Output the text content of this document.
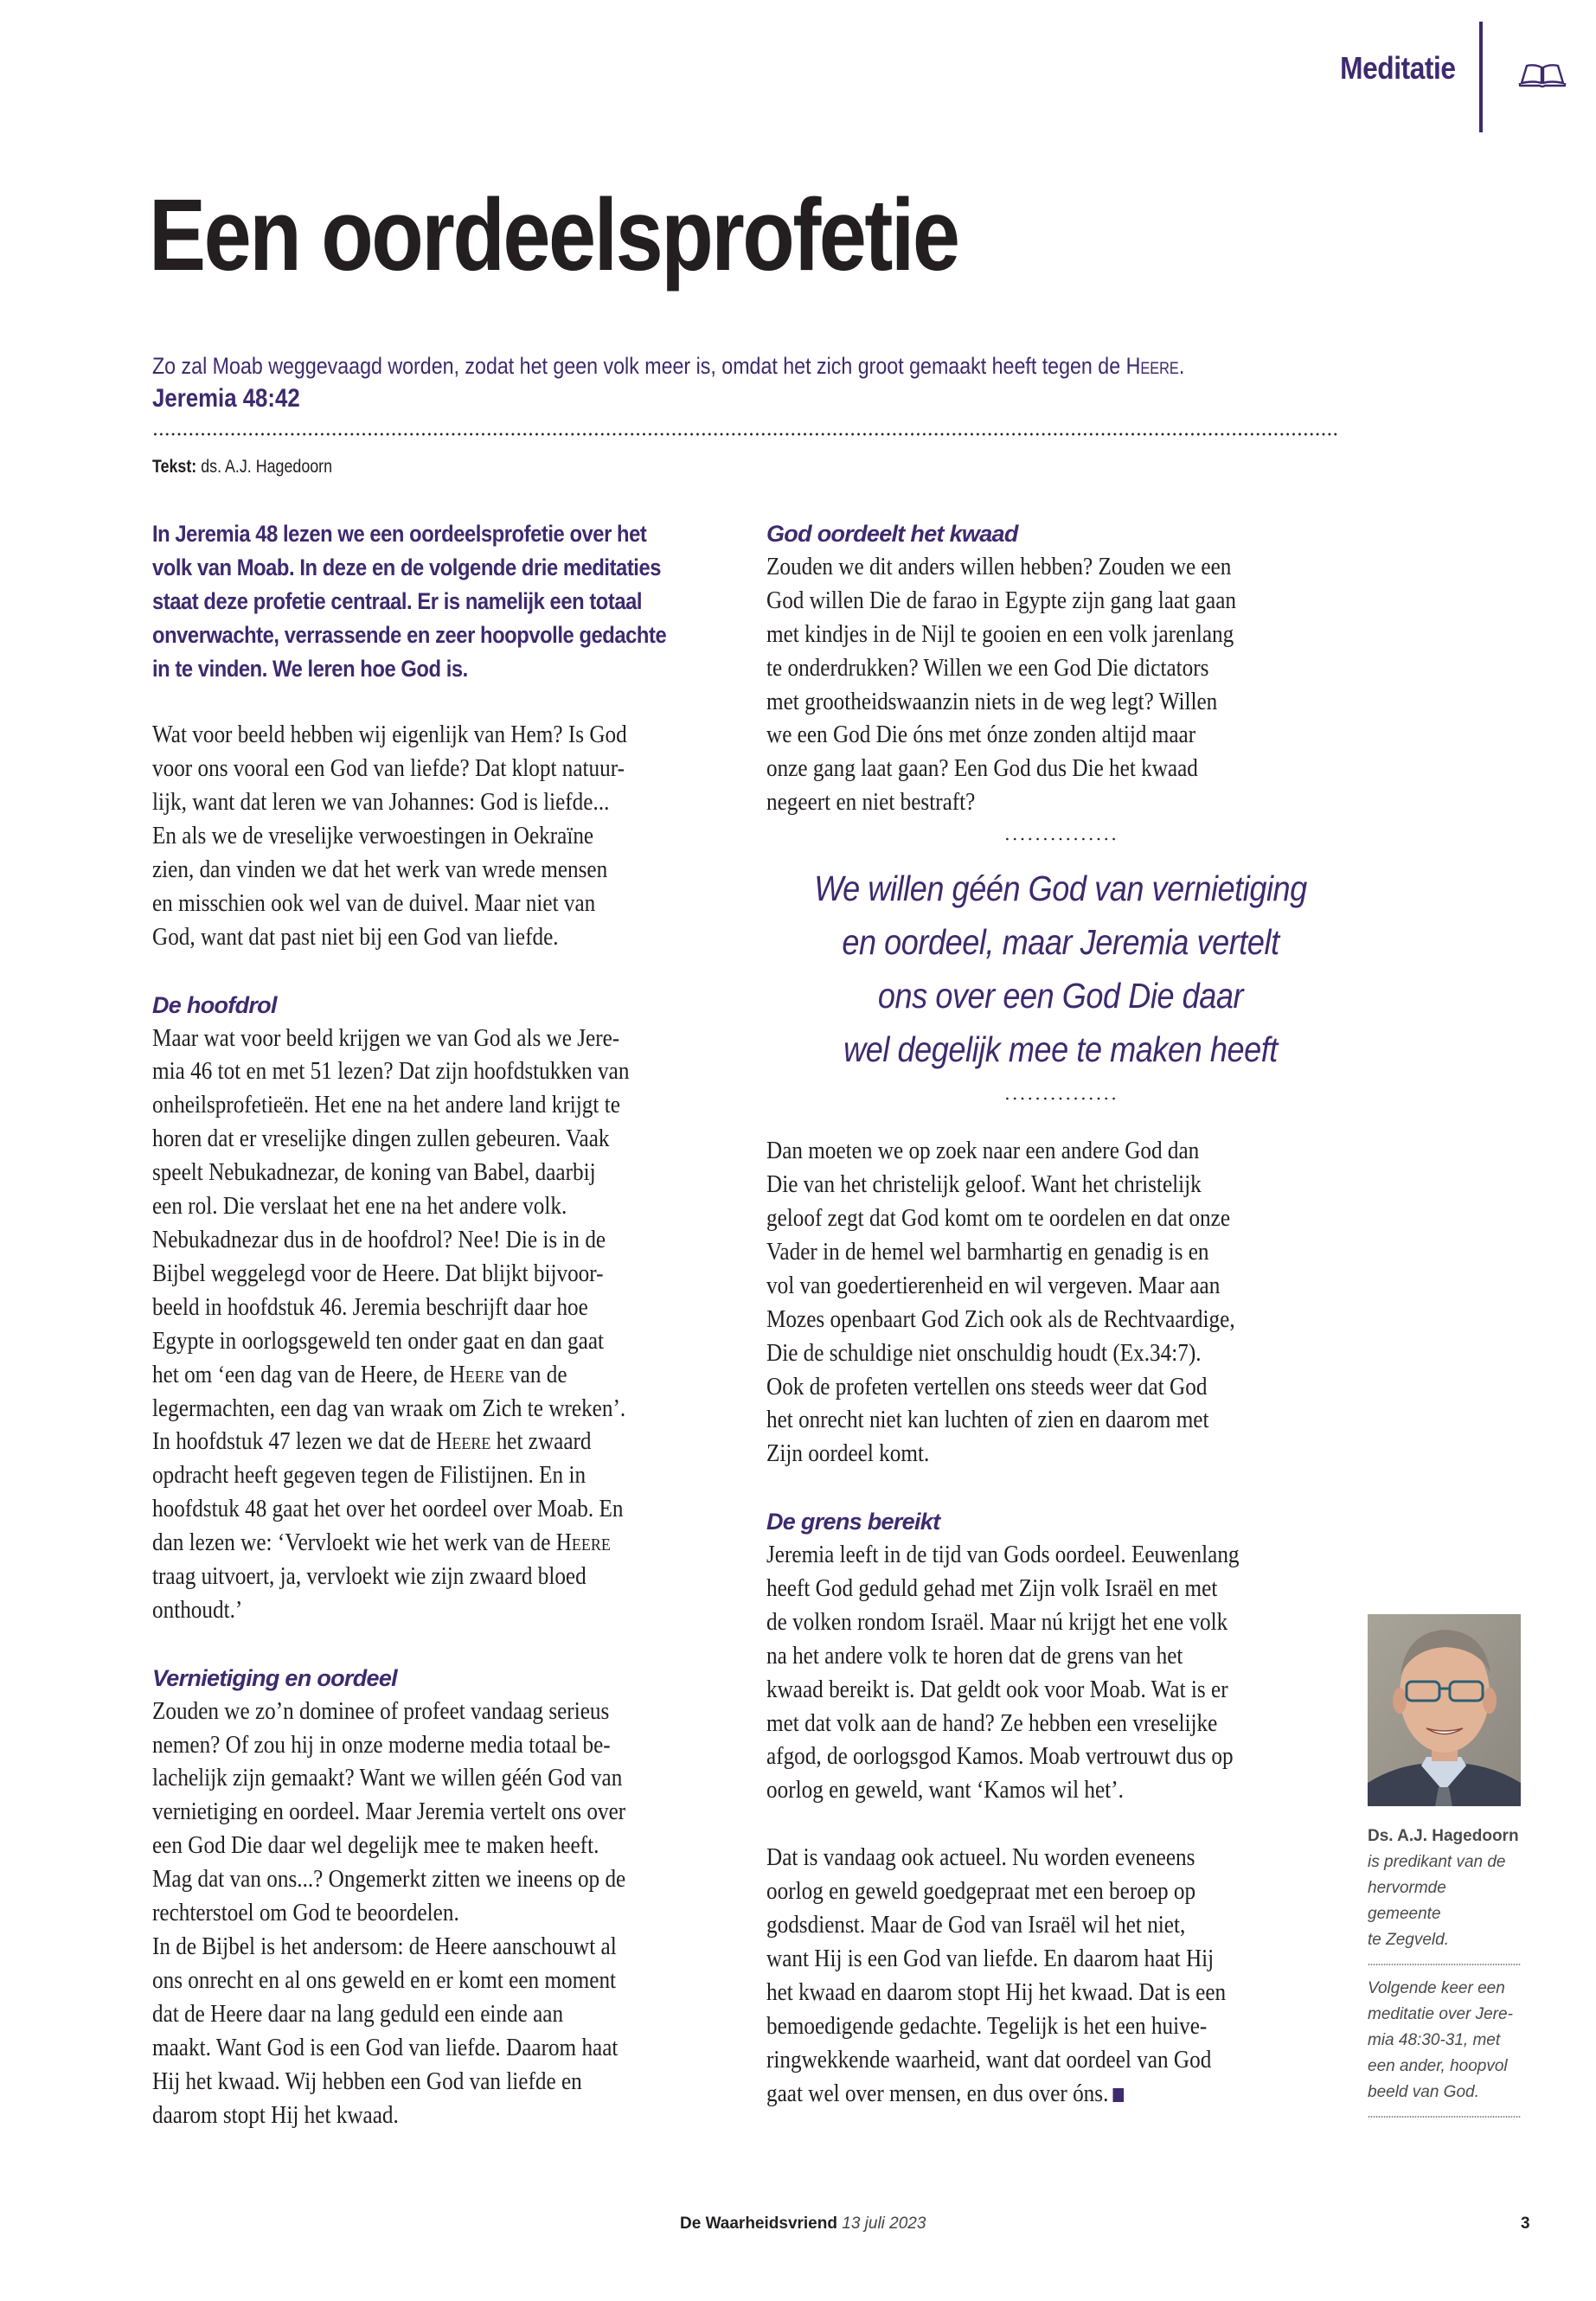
Meditatie
Een oordeelsprofetie
Zo zal Moab weggevaagd worden, zodat het geen volk meer is, omdat het zich groot gemaakt heeft tegen de Heere.
Jeremia 48:42
Tekst: ds. A.J. Hagedoorn
In Jeremia 48 lezen we een oordeelsprofetie over het
volk van Moab. In deze en de volgende drie meditaties
staat deze profetie centraal. Er is namelijk een totaal
onverwachte, verrassende en zeer hoopvolle gedachte
in te vinden. We leren hoe God is.

Wat voor beeld hebben wij eigenlijk van Hem? Is God
voor ons vooral een God van liefde? Dat klopt natuur-
lijk, want dat leren we van Johannes: God is liefde...
En als we de vreselijke verwoestingen in Oekraïne
zien, dan vinden we dat het werk van wrede mensen
en misschien ook wel van de duivel. Maar niet van
God, want dat past niet bij een God van liefde.

De hoofdrol

Maar wat voor beeld krijgen we van God als we Jere-
mia 46 tot en met 51 lezen? Dat zijn hoofdstukken van
onheilsprofetieën. Het ene na het andere land krijgt te
horen dat er vreselijke dingen zullen gebeuren. Vaak
speelt Nebukadnezar, de koning van Babel, daarbij
een rol. Die verslaat het ene na het andere volk.
Nebukadnezar dus in de hoofdrol? Nee! Die is in de
Bijbel weggelegd voor de Heere. Dat blijkt bijvoor-
beeld in hoofdstuk 46. Jeremia beschrijft daar hoe
Egypte in oorlogsgeweld ten onder gaat en dan gaat
het om ‘een dag van de Heere, de Heere van de
legermachten, een dag van wraak om Zich te wreken’.
In hoofdstuk 47 lezen we dat de Heere het zwaard
opdracht heeft gegeven tegen de Filistijnen. En in
hoofdstuk 48 gaat het over het oordeel over Moab. En
dan lezen we: ‘Vervloekt wie het werk van de Heere
traag uitvoert, ja, vervloekt wie zijn zwaard bloed
onthoudt.’

Vernietiging en oordeel

Zouden we zo’n dominee of profeet vandaag serieus
nemen? Of zou hij in onze moderne media totaal be-
lachelijk zijn gemaakt? Want we willen géén God van
vernietiging en oordeel. Maar Jeremia vertelt ons over
een God Die daar wel degelijk mee te maken heeft.
Mag dat van ons...? Ongemerkt zitten we ineens op de
rechterstoel om God te beoordelen.
In de Bijbel is het andersom: de Heere aanschouwt al
ons onrecht en al ons geweld en er komt een moment
dat de Heere daar na lang geduld een einde aan
maakt. Want God is een God van liefde. Daarom haat
Hij het kwaad. Wij hebben een God van liefde en
daarom stopt Hij het kwaad.

God oordeelt het kwaad

Zouden we dit anders willen hebben? Zouden we een
God willen Die de farao in Egypte zijn gang laat gaan
met kindjes in de Nijl te gooien en een volk jarenlang
te onderdrukken? Willen we een God Die dictators
met grootheidswaanzin niets in de weg legt? Willen
we een God Die óns met ónze zonden altijd maar
onze gang laat gaan? Een God dus Die het kwaad
negeert en niet bestraft?

We willen géén God van vernietiging
en oordeel, maar Jeremia vertelt
ons over een God Die daar
wel degelijk mee te maken heeft

Dan moeten we op zoek naar een andere God dan
Die van het christelijk geloof. Want het christelijk
geloof zegt dat God komt om te oordelen en dat onze
Vader in de hemel wel barmhartig en genadig is en
vol van goedertierenheid en wil vergeven. Maar aan
Mozes openbaart God Zich ook als de Rechtvaardige,
Die de schuldige niet onschuldig houdt (Ex.34:7).
Ook de profeten vertellen ons steeds weer dat God
het onrecht niet kan luchten of zien en daarom met
Zijn oordeel komt.

De grens bereikt

Jeremia leeft in de tijd van Gods oordeel. Eeuwenlang
heeft God geduld gehad met Zijn volk Israël en met
de volken rondom Israël. Maar nú krijgt het ene volk
na het andere volk te horen dat de grens van het
kwaad bereikt is. Dat geldt ook voor Moab. Wat is er
met dat volk aan de hand? Ze hebben een vreselijke
afgod, de oorlogsgod Kamos. Moab vertrouwt dus op
oorlog en geweld, want ‘Kamos wil het’.

Dat is vandaag ook actueel. Nu worden eveneens
oorlog en geweld goedgepraat met een beroep op
godsdienst. Maar de God van Israël wil het niet,
want Hij is een God van liefde. En daarom haat Hij
het kwaad en daarom stopt Hij het kwaad. Dat is een
bemoedigende gedachte. Tegelijk is het een huive-
ringwekkende waarheid, want dat oordeel van God
gaat wel over mensen, en dus over óns.

Ds. A.J. Hagedoorn
is predikant van de
hervormde gemeente
te Zegveld.
Volgende keer een
meditatie over Jere-
mia 48:30-31, met
een ander, hoopvol
beeld van God.
De Waarheidsvriend 13 juli 2023	3
